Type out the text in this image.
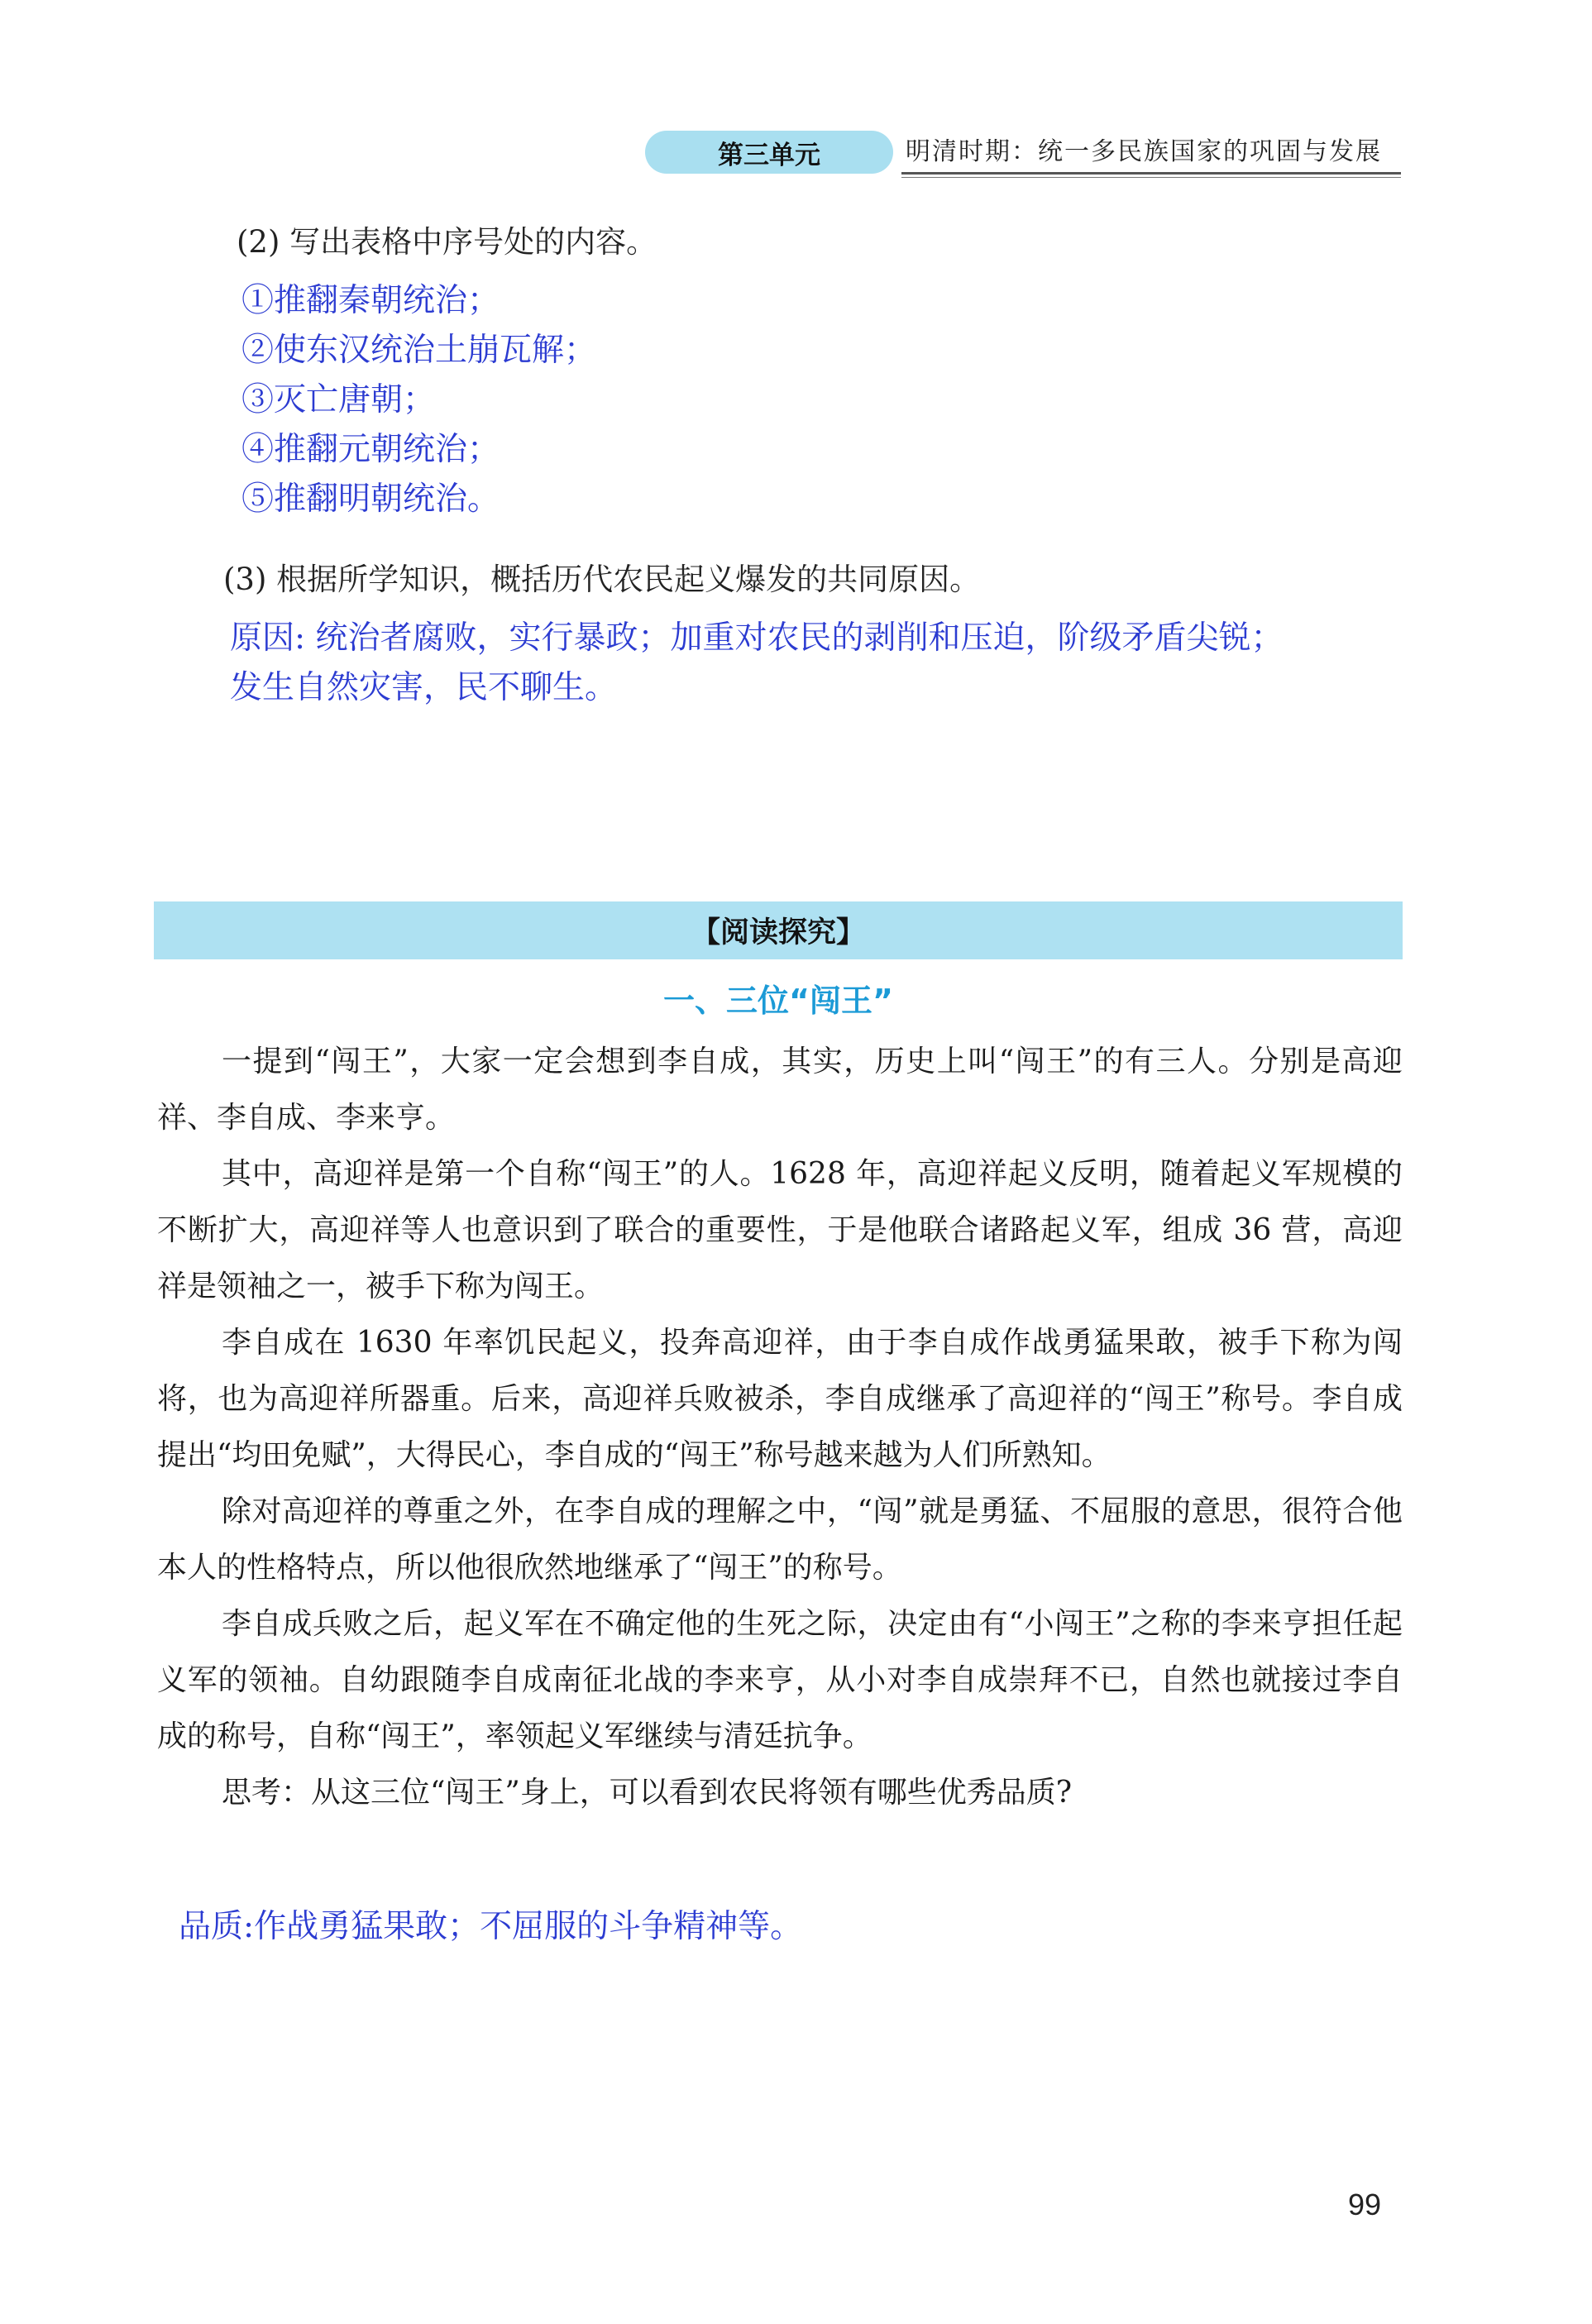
第三单元	明清时期：统一多民族国家的巩固与发展
(2) 写出表格中序号处的内容。
①推翻秦朝统治；
②使东汉统治土崩瓦解；
③灭亡唐朝；
④推翻元朝统治；
⑤推翻明朝统治。
(3) 根据所学知识，概括历代农民起义爆发的共同原因。
原因: 统治者腐败，实行暴政；加重对农民的剥削和压迫，阶级矛盾尖锐；
发生自然灾害，民不聊生。
【阅读探究】
一、三位“闯王”

一提到“闯王”，大家一定会想到李自成，其实，历史上叫“闯王”的有三人。分别是高迎祥、李自成、李来亨。

其中，高迎祥是第一个自称“闯王”的人。1628 年，高迎祥起义反明，随着起义军规模的不断扩大，高迎祥等人也意识到了联合的重要性，于是他联合诸路起义军，组成 36 营，高迎祥是领袖之一，被手下称为闯王。

李自成在 1630 年率饥民起义，投奔高迎祥，由于李自成作战勇猛果敢，被手下称为闯将，也为高迎祥所器重。后来，高迎祥兵败被杀，李自成继承了高迎祥的“闯王”称号。李自成提出“均田免赋”，大得民心，李自成的“闯王”称号越来越为人们所熟知。

除对高迎祥的尊重之外，在李自成的理解之中，“闯”就是勇猛、不屈服的意思，很符合他本人的性格特点，所以他很欣然地继承了“闯王”的称号。

李自成兵败之后，起义军在不确定他的生死之际，决定由有“小闯王”之称的李来亨担任起义军的领袖。自幼跟随李自成南征北战的李来亨，从小对李自成崇拜不已，自然也就接过李自成的称号，自称“闯王”，率领起义军继续与清廷抗争。

思考：从这三位“闯王”身上，可以看到农民将领有哪些优秀品质?

品质:作战勇猛果敢；不屈服的斗争精神等。
99
